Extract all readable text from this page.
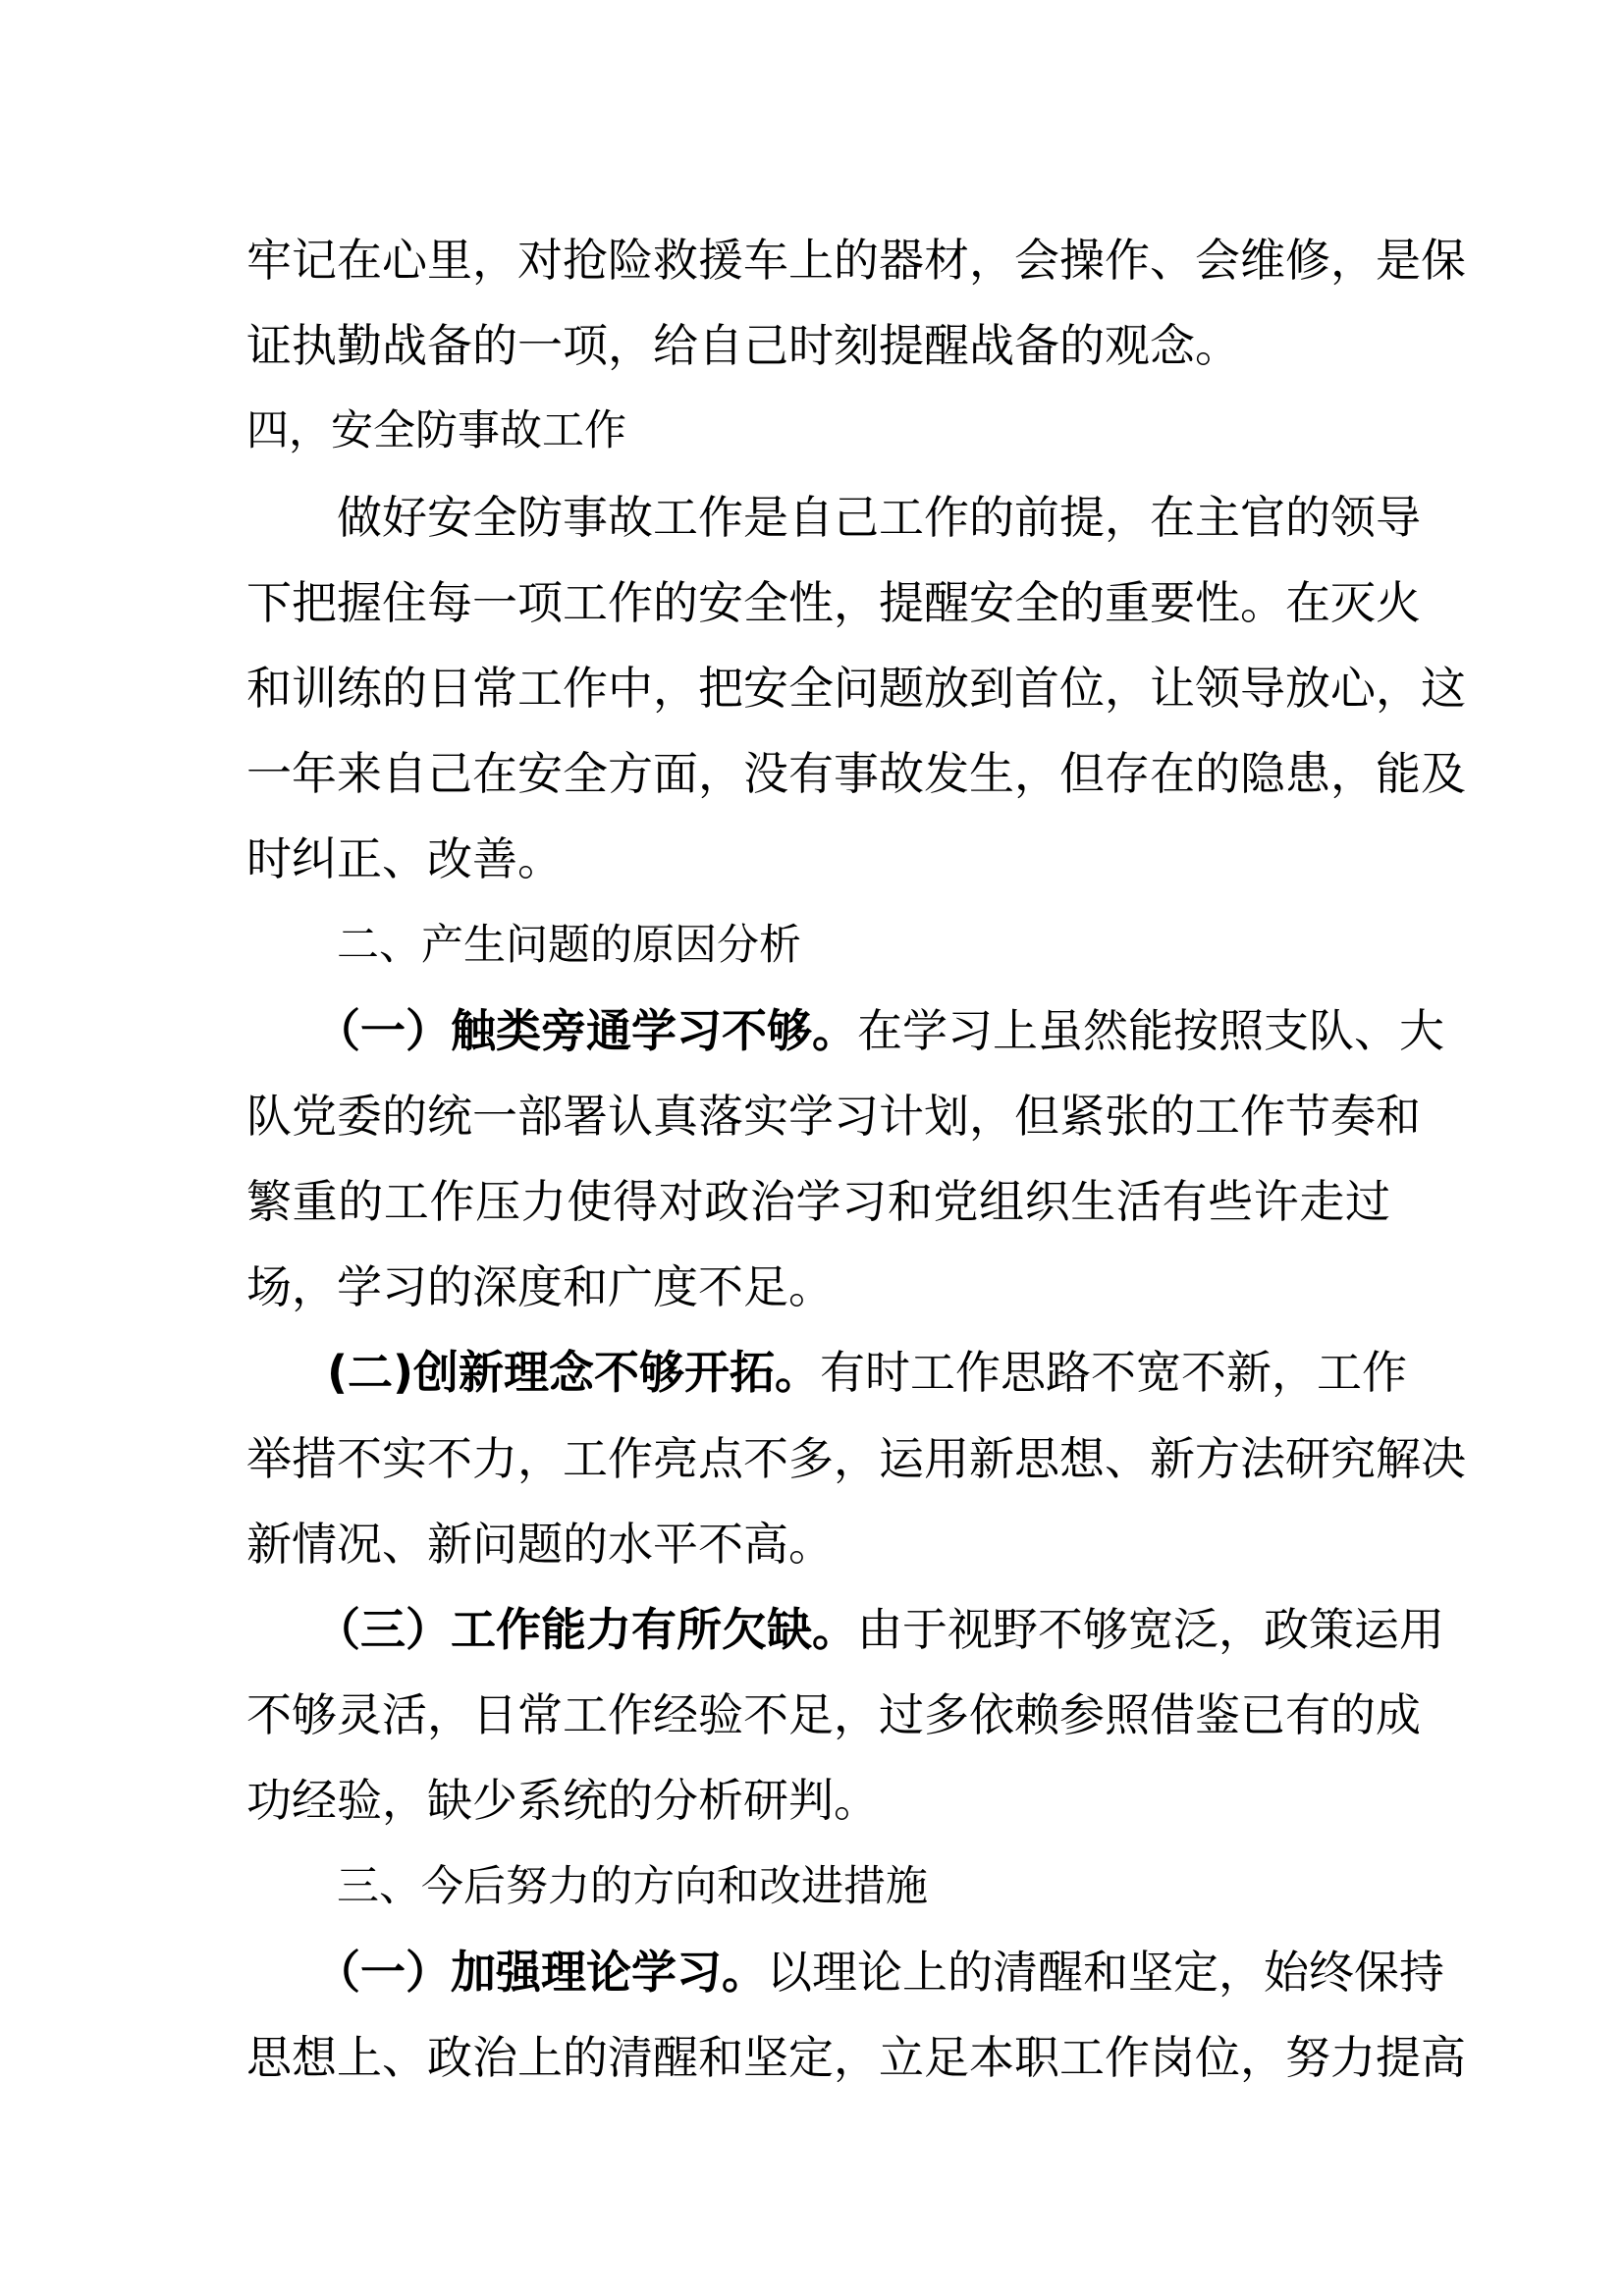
牢记在心里，对抢险救援车上的器材，会操作、会维修，是保
证执勤战备的一项，给自己时刻提醒战备的观念。
四，安全防事故工作
做好安全防事故工作是自己工作的前提，在主官的领导
下把握住每一项工作的安全性，提醒安全的重要性。在灭火
和训练的日常工作中，把安全问题放到首位，让领导放心，这
一年来自己在安全方面，没有事故发生，但存在的隐患，能及
时纠正、改善。
二、产生问题的原因分析
（一）触类旁通学习不够。 在学习上虽然能按照支队、大
队党委的统一部署认真落实学习计划，但紧张的工作节奏和
繁重的工作压力使得对政治学习和党组织生活有些许走过
场，学习的深度和广度不足。
(二)创新理念不够开拓。 有时工作思路不宽不新，工作
举措不实不力，工作亮点不多，运用新思想、新方法研究解决
新情况、新问题的水平不高。
（三）工作能力有所欠缺。 由于视野不够宽泛，政策运用
不够灵活，日常工作经验不足，过多依赖参照借鉴已有的成
功经验，缺少系统的分析研判。
三、今后努力的方向和改进措施
（一）加强理论学习。 以理论上的清醒和坚定，始终保持
思想上、政治上的清醒和坚定，立足本职工作岗位，努力提高
